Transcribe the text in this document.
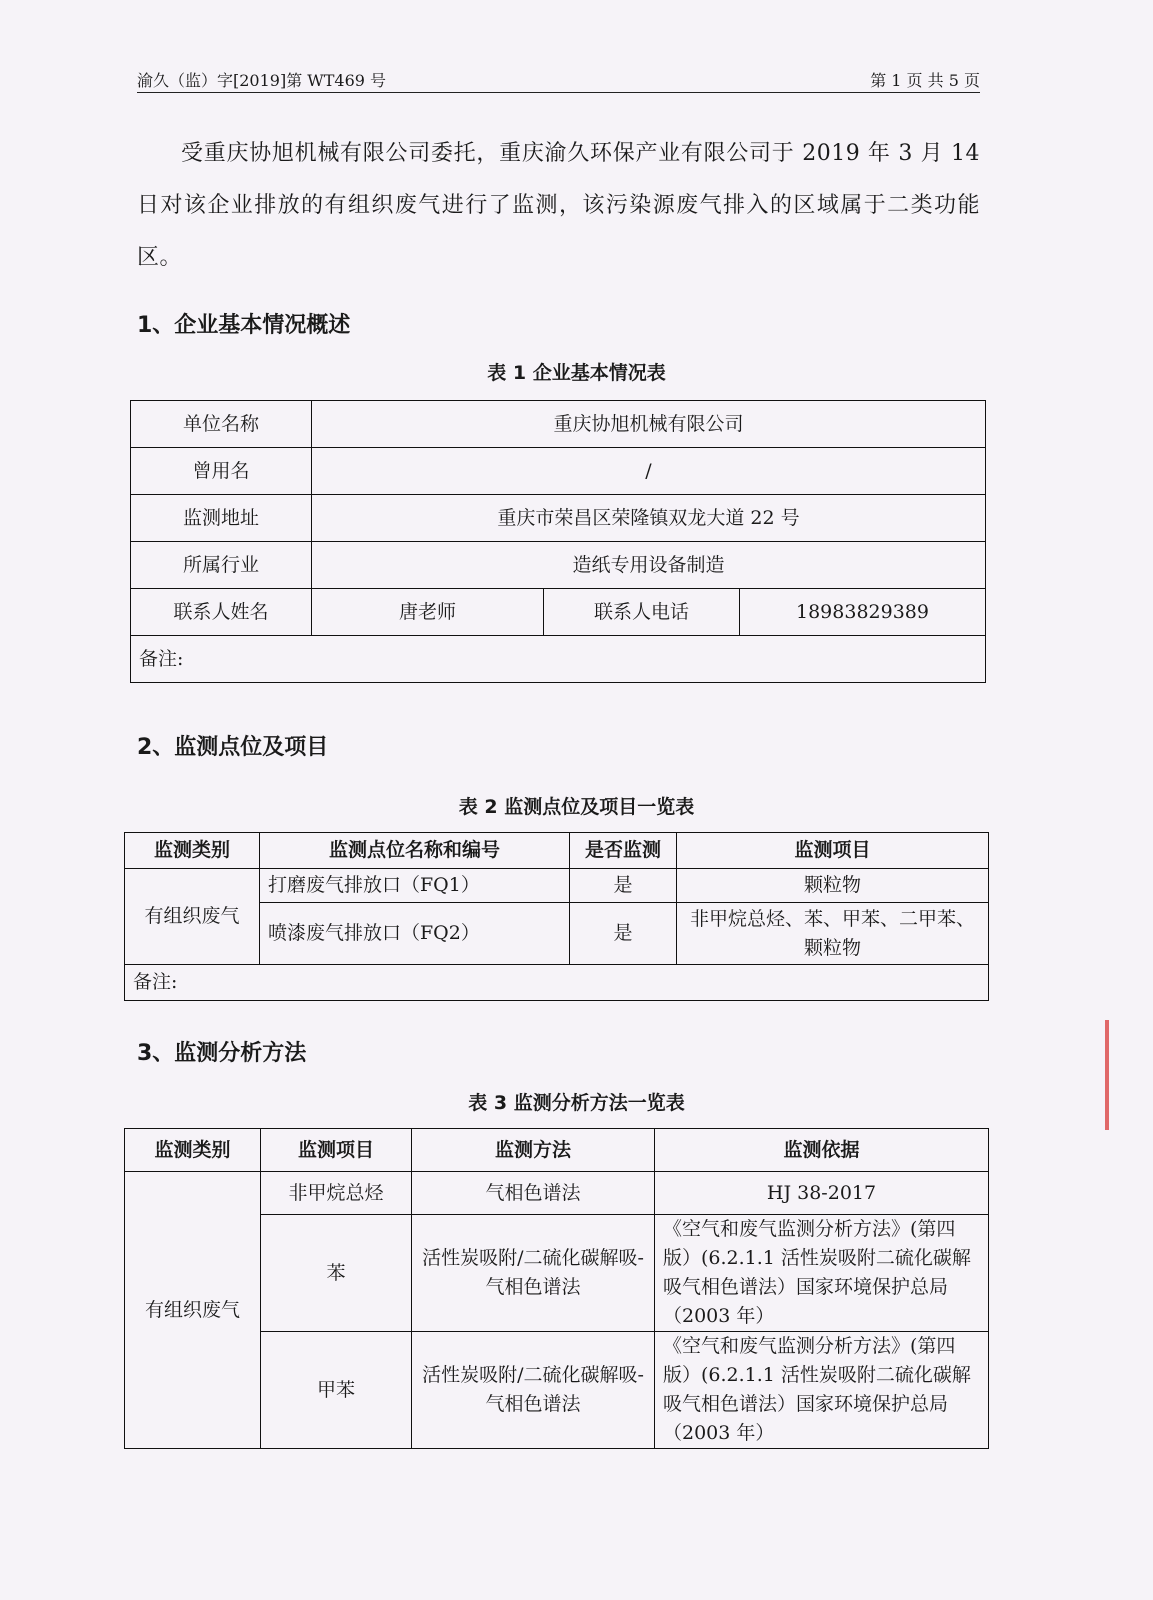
渝久（监）字[2019]第 WT469 号	第 1 页 共 5 页
受重庆协旭机械有限公司委托，重庆渝久环保产业有限公司于 2019 年 3 月 14 日对该企业排放的有组织废气进行了监测，该污染源废气排入的区域属于二类功能区。
1、企业基本情况概述
表 1 企业基本情况表
单位名称	重庆协旭机械有限公司		
曾用名	/		
监测地址	重庆市荣昌区荣隆镇双龙大道 22 号		
所属行业	造纸专用设备制造		
联系人姓名	唐老师	联系人电话	18983829389
备注:			
2、监测点位及项目
表 2 监测点位及项目一览表
监测类别	监测点位名称和编号	是否监测	监测项目
有组织废气	打磨废气排放口（FQ1）	是	颗粒物
	喷漆废气排放口（FQ2）	是	非甲烷总烃、苯、甲苯、二甲苯、颗粒物
备注:			
3、监测分析方法
表 3 监测分析方法一览表
监测类别	监测项目	监测方法	监测依据
有组织废气	非甲烷总烃	气相色谱法	HJ 38-2017
	苯	活性炭吸附/二硫化碳解吸-气相色谱法	《空气和废气监测分析方法》(第四版）(6.2.1.1 活性炭吸附二硫化碳解吸气相色谱法）国家环境保护总局（2003 年）
	甲苯	活性炭吸附/二硫化碳解吸-气相色谱法	《空气和废气监测分析方法》(第四版）(6.2.1.1 活性炭吸附二硫化碳解吸气相色谱法）国家环境保护总局（2003 年）
